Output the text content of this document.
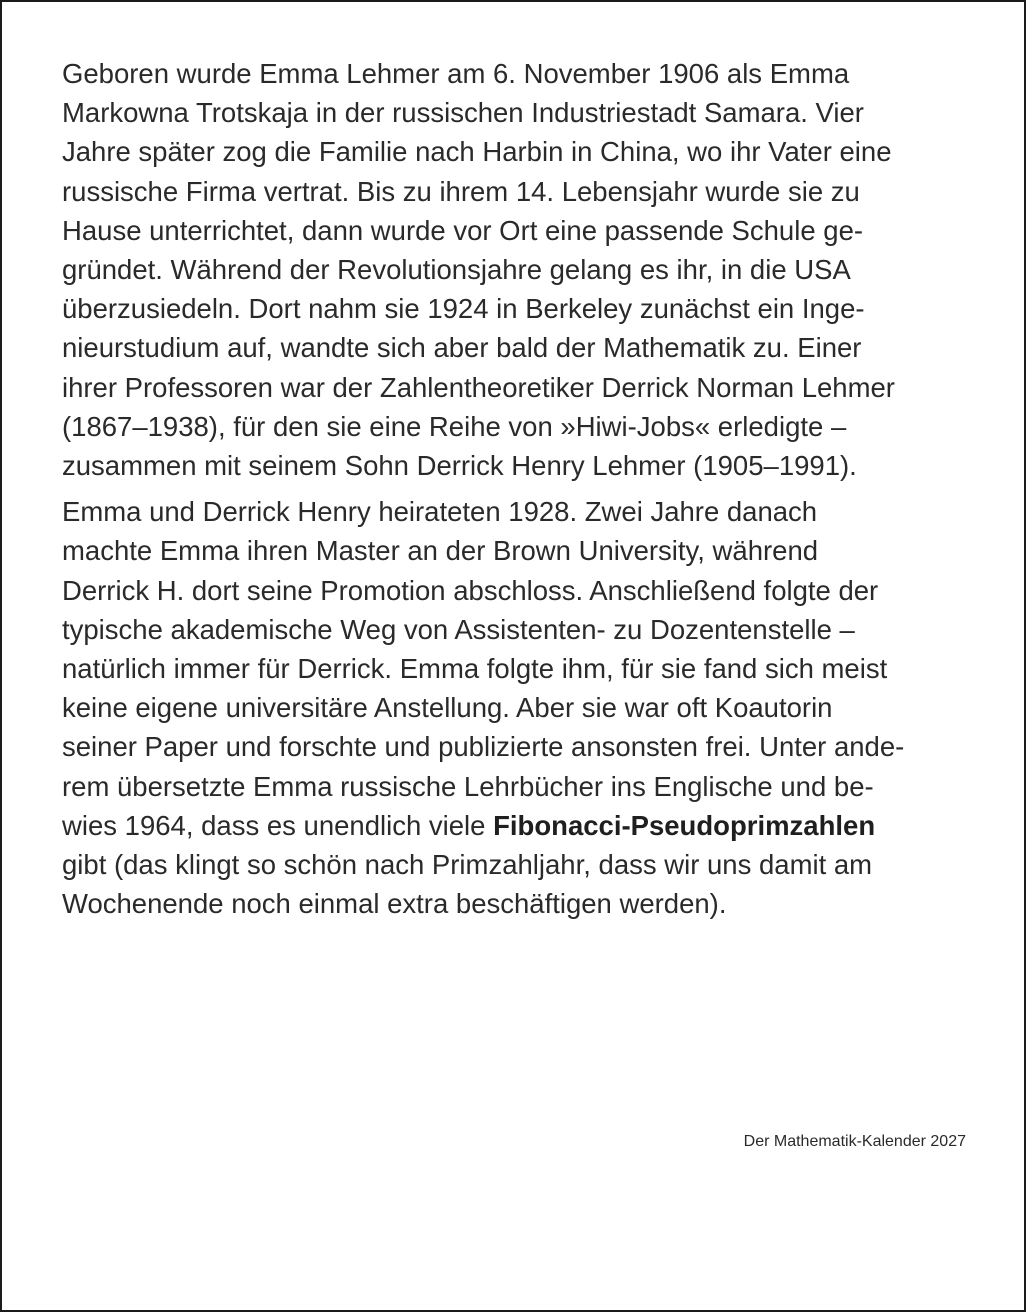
Geboren wurde Emma Lehmer am 6. November 1906 als Emma
Markowna Trotskaja in der russischen Industriestadt Samara. Vier
Jahre später zog die Familie nach Harbin in China, wo ihr Vater eine
russische Firma vertrat. Bis zu ihrem 14. Lebensjahr wurde sie zu
Hause unterrichtet, dann wurde vor Ort eine passende Schule ge-
gründet. Während der Revolutionsjahre gelang es ihr, in die USA
überzusiedeln. Dort nahm sie 1924 in Berkeley zunächst ein Inge-
nieurstudium auf, wandte sich aber bald der Mathematik zu. Einer
ihrer Professoren war der Zahlentheoretiker Derrick Norman Lehmer
(1867–1938), für den sie eine Reihe von »Hiwi-Jobs« erledigte –
zusammen mit seinem Sohn Derrick Henry Lehmer (1905–1991).
Emma und Derrick Henry heirateten 1928. Zwei Jahre danach
machte Emma ihren Master an der Brown University, während
Derrick H. dort seine Promotion abschloss. Anschließend folgte der
typische akademische Weg von Assistenten- zu Dozentenstelle –
natürlich immer für Derrick. Emma folgte ihm, für sie fand sich meist
keine eigene universitäre Anstellung. Aber sie war oft Koautorin
seiner Paper und forschte und publizierte ansonsten frei. Unter ande-
rem übersetzte Emma russische Lehrbücher ins Englische und be-
wies 1964, dass es unendlich viele Fibonacci-Pseudoprimzahlen
gibt (das klingt so schön nach Primzahljahr, dass wir uns damit am
Wochenende noch einmal extra beschäftigen werden).
Der Mathematik-Kalender 2027
